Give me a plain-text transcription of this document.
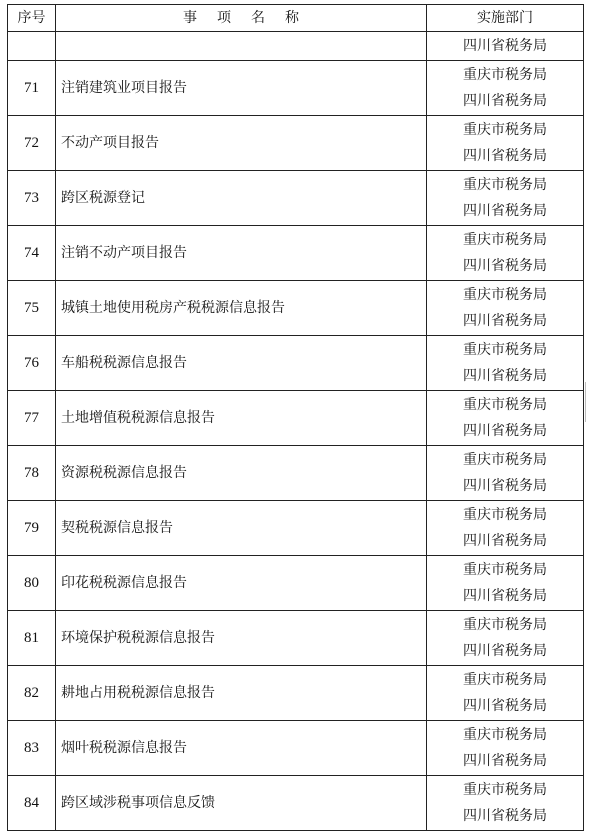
序号	事项名称	实施部门

		四川省税务局

71	注销建筑业项目报告	重庆市税务局
四川省税务局

72	不动产项目报告	重庆市税务局
四川省税务局

73	跨区税源登记	重庆市税务局
四川省税务局

74	注销不动产项目报告	重庆市税务局
四川省税务局

75	城镇土地使用税房产税税源信息报告	重庆市税务局
四川省税务局

76	车船税税源信息报告	重庆市税务局
四川省税务局

77	土地增值税税源信息报告	重庆市税务局
四川省税务局

78	资源税税源信息报告	重庆市税务局
四川省税务局

79	契税税源信息报告	重庆市税务局
四川省税务局

80	印花税税源信息报告	重庆市税务局
四川省税务局

81	环境保护税税源信息报告	重庆市税务局
四川省税务局

82	耕地占用税税源信息报告	重庆市税务局
四川省税务局

83	烟叶税税源信息报告	重庆市税务局
四川省税务局

84	跨区域涉税事项信息反馈	重庆市税务局
四川省税务局
